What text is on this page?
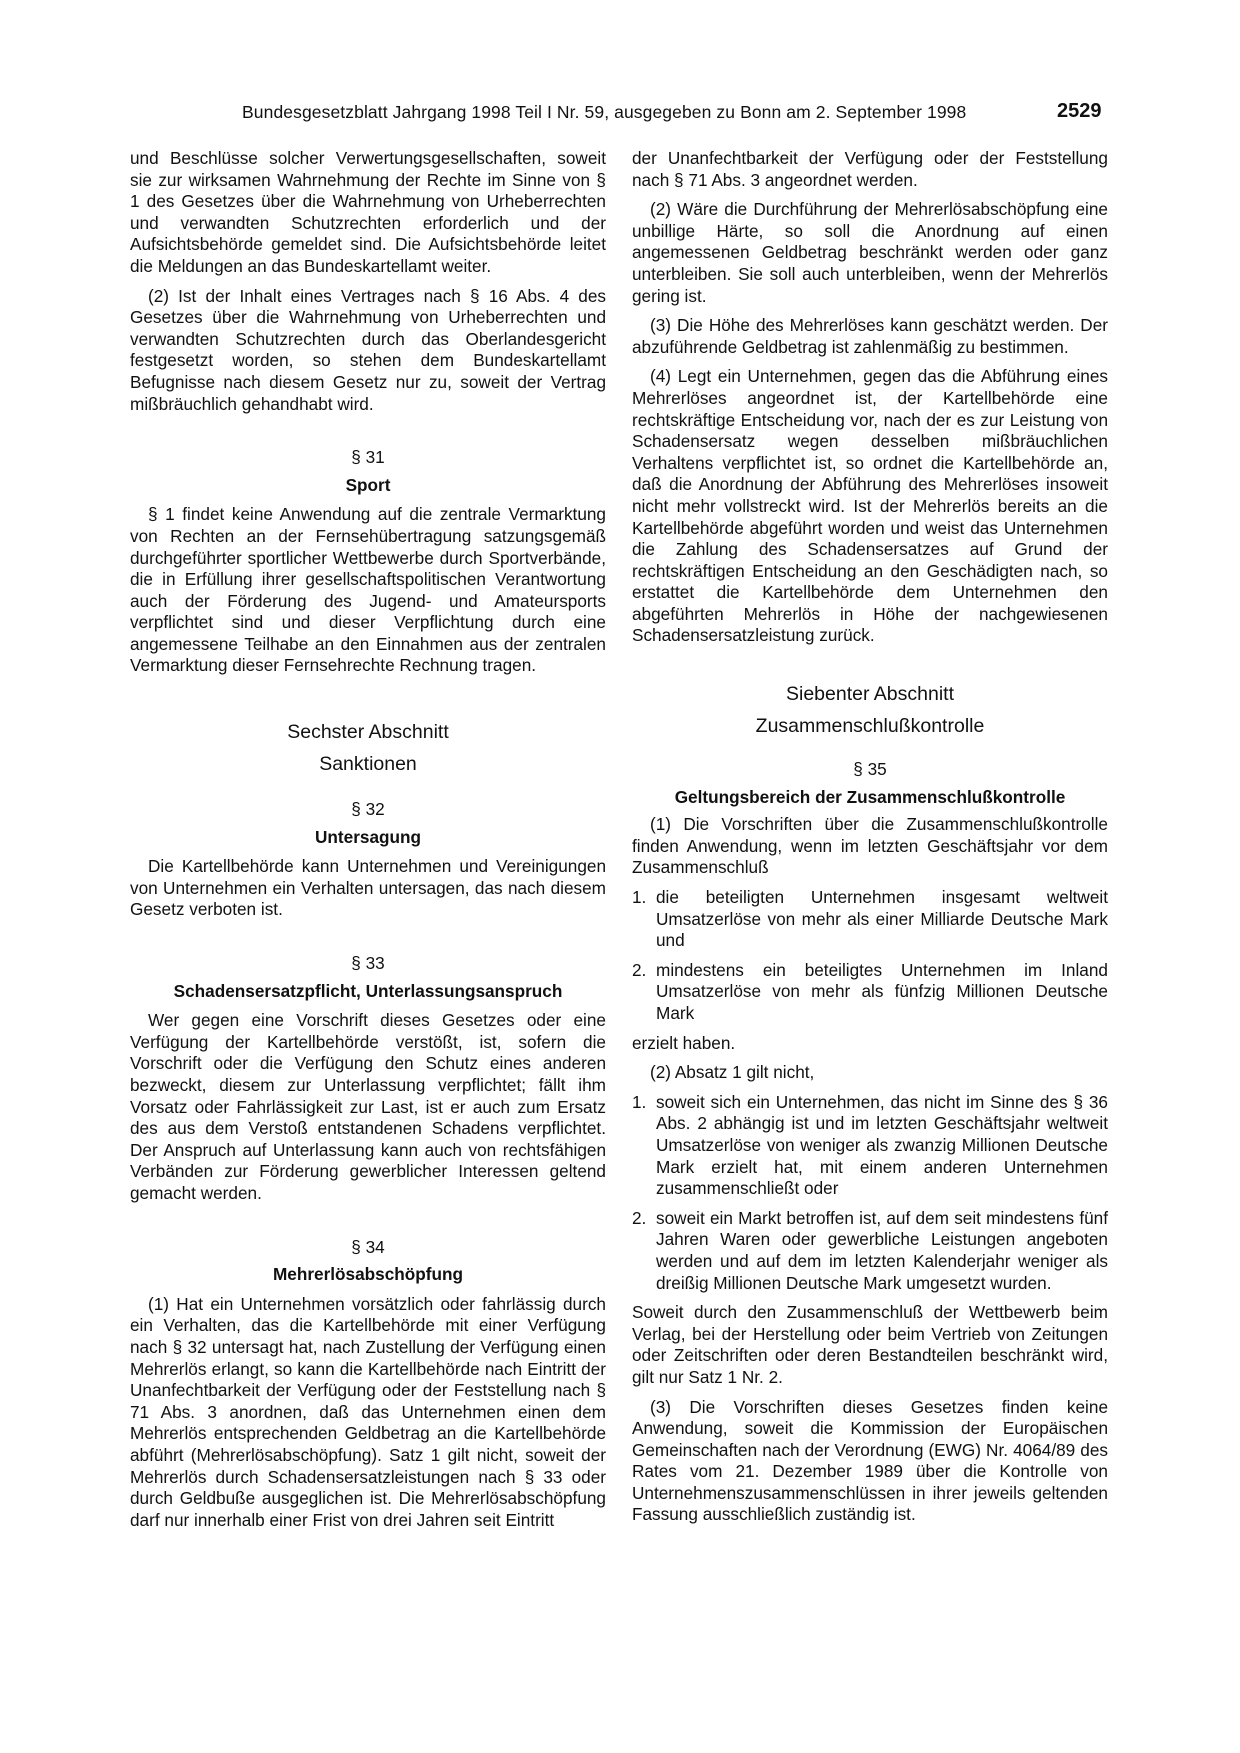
Bundesgesetzblatt Jahrgang 1998 Teil I Nr. 59, ausgegeben zu Bonn am 2. September 1998	2529

und Beschlüsse solcher Verwertungsgesellschaften, soweit sie zur wirksamen Wahrnehmung der Rechte im Sinne von § 1 des Gesetzes über die Wahrnehmung von Urheberrechten und verwandten Schutzrechten erforderlich und der Aufsichtsbehörde gemeldet sind. Die Aufsichtsbehörde leitet die Meldungen an das Bundeskartellamt weiter.

(2) Ist der Inhalt eines Vertrages nach § 16 Abs. 4 des Gesetzes über die Wahrnehmung von Urheberrechten und verwandten Schutzrechten durch das Oberlandesgericht festgesetzt worden, so stehen dem Bundeskartellamt Befugnisse nach diesem Gesetz nur zu, soweit der Vertrag mißbräuchlich gehandhabt wird.

§ 31

Sport

§ 1 findet keine Anwendung auf die zentrale Vermarktung von Rechten an der Fernsehübertragung satzungsgemäß durchgeführter sportlicher Wettbewerbe durch Sportverbände, die in Erfüllung ihrer gesellschaftspolitischen Verantwortung auch der Förderung des Jugend- und Amateursports verpflichtet sind und dieser Verpflichtung durch eine angemessene Teilhabe an den Einnahmen aus der zentralen Vermarktung dieser Fernsehrechte Rechnung tragen.

Sechster Abschnitt

Sanktionen

§ 32

Untersagung

Die Kartellbehörde kann Unternehmen und Vereinigungen von Unternehmen ein Verhalten untersagen, das nach diesem Gesetz verboten ist.

§ 33

Schadensersatzpflicht, Unterlassungsanspruch

Wer gegen eine Vorschrift dieses Gesetzes oder eine Verfügung der Kartellbehörde verstößt, ist, sofern die Vorschrift oder die Verfügung den Schutz eines anderen bezweckt, diesem zur Unterlassung verpflichtet; fällt ihm Vorsatz oder Fahrlässigkeit zur Last, ist er auch zum Ersatz des aus dem Verstoß entstandenen Schadens verpflichtet. Der Anspruch auf Unterlassung kann auch von rechtsfähigen Verbänden zur Förderung gewerblicher Interessen geltend gemacht werden.

§ 34

Mehrerlösabschöpfung

(1) Hat ein Unternehmen vorsätzlich oder fahrlässig durch ein Verhalten, das die Kartellbehörde mit einer Verfügung nach § 32 untersagt hat, nach Zustellung der Verfügung einen Mehrerlös erlangt, so kann die Kartellbehörde nach Eintritt der Unanfechtbarkeit der Verfügung oder der Feststellung nach § 71 Abs. 3 anordnen, daß das Unternehmen einen dem Mehrerlös entsprechenden Geldbetrag an die Kartellbehörde abführt (Mehrerlösabschöpfung). Satz 1 gilt nicht, soweit der Mehrerlös durch Schadensersatzleistungen nach § 33 oder durch Geldbuße ausgeglichen ist. Die Mehrerlösabschöpfung darf nur innerhalb einer Frist von drei Jahren seit Eintritt

der Unanfechtbarkeit der Verfügung oder der Feststellung nach § 71 Abs. 3 angeordnet werden.

(2) Wäre die Durchführung der Mehrerlösabschöpfung eine unbillige Härte, so soll die Anordnung auf einen angemessenen Geldbetrag beschränkt werden oder ganz unterbleiben. Sie soll auch unterbleiben, wenn der Mehrerlös gering ist.

(3) Die Höhe des Mehrerlöses kann geschätzt werden. Der abzuführende Geldbetrag ist zahlenmäßig zu bestimmen.

(4) Legt ein Unternehmen, gegen das die Abführung eines Mehrerlöses angeordnet ist, der Kartellbehörde eine rechtskräftige Entscheidung vor, nach der es zur Leistung von Schadensersatz wegen desselben mißbräuchlichen Verhaltens verpflichtet ist, so ordnet die Kartellbehörde an, daß die Anordnung der Abführung des Mehrerlöses insoweit nicht mehr vollstreckt wird. Ist der Mehrerlös bereits an die Kartellbehörde abgeführt worden und weist das Unternehmen die Zahlung des Schadensersatzes auf Grund der rechtskräftigen Entscheidung an den Geschädigten nach, so erstattet die Kartellbehörde dem Unternehmen den abgeführten Mehrerlös in Höhe der nachgewiesenen Schadensersatzleistung zurück.

Siebenter Abschnitt

Zusammenschlußkontrolle

§ 35

Geltungsbereich der Zusammenschlußkontrolle

(1) Die Vorschriften über die Zusammenschlußkontrolle finden Anwendung, wenn im letzten Geschäftsjahr vor dem Zusammenschluß

1. die beteiligten Unternehmen insgesamt weltweit Umsatzerlöse von mehr als einer Milliarde Deutsche Mark und
2. mindestens ein beteiligtes Unternehmen im Inland Umsatzerlöse von mehr als fünfzig Millionen Deutsche Mark

erzielt haben.

(2) Absatz 1 gilt nicht,

1. soweit sich ein Unternehmen, das nicht im Sinne des § 36 Abs. 2 abhängig ist und im letzten Geschäftsjahr weltweit Umsatzerlöse von weniger als zwanzig Millionen Deutsche Mark erzielt hat, mit einem anderen Unternehmen zusammenschließt oder
2. soweit ein Markt betroffen ist, auf dem seit mindestens fünf Jahren Waren oder gewerbliche Leistungen angeboten werden und auf dem im letzten Kalenderjahr weniger als dreißig Millionen Deutsche Mark umgesetzt wurden.

Soweit durch den Zusammenschluß der Wettbewerb beim Verlag, bei der Herstellung oder beim Vertrieb von Zeitungen oder Zeitschriften oder deren Bestandteilen beschränkt wird, gilt nur Satz 1 Nr. 2.

(3) Die Vorschriften dieses Gesetzes finden keine Anwendung, soweit die Kommission der Europäischen Gemeinschaften nach der Verordnung (EWG) Nr. 4064/89 des Rates vom 21. Dezember 1989 über die Kontrolle von Unternehmenszusammenschlüssen in ihrer jeweils geltenden Fassung ausschließlich zuständig ist.
